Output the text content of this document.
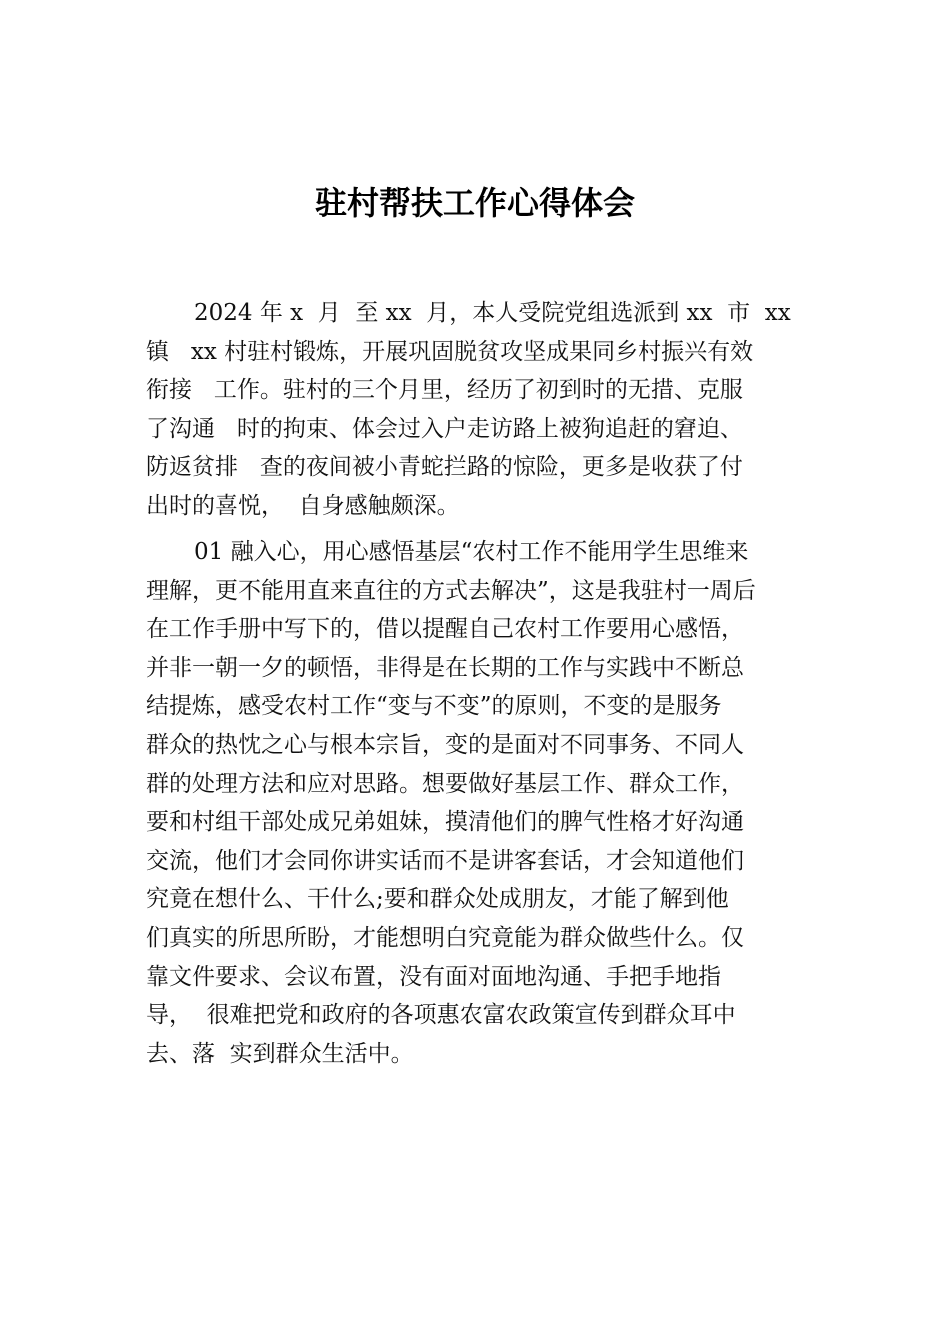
驻村帮扶工作心得体会
2024 年 x  月  至 xx  月，本人受院党组选派到 xx  市  xx
镇   xx 村驻村锻炼，开展巩固脱贫攻坚成果同乡村振兴有效
衔接   工作。驻村的三个月里，经历了初到时的无措、克服
了沟通   时的拘束、体会过入户走访路上被狗追赶的窘迫、
防返贫排   查的夜间被小青蛇拦路的惊险，更多是收获了付
出时的喜悦，  自身感触颇深。
01 融入心，用心感悟基层“农村工作不能用学生思维来
理解，更不能用直来直往的方式去解决”，这是我驻村一周后
在工作手册中写下的，借以提醒自己农村工作要用心感悟，
并非一朝一夕的顿悟，非得是在长期的工作与实践中不断总
结提炼，感受农村工作“变与不变”的原则，不变的是服务
群众的热忱之心与根本宗旨，变的是面对不同事务、不同人
群的处理方法和应对思路。想要做好基层工作、群众工作，
要和村组干部处成兄弟姐妹，摸清他们的脾气性格才好沟通
交流，他们才会同你讲实话而不是讲客套话，才会知道他们
究竟在想什么、干什么;要和群众处成朋友，才能了解到他
们真实的所思所盼，才能想明白究竟能为群众做些什么。仅
靠文件要求、会议布置，没有面对面地沟通、手把手地指
导，  很难把党和政府的各项惠农富农政策宣传到群众耳中
去、落  实到群众生活中。
